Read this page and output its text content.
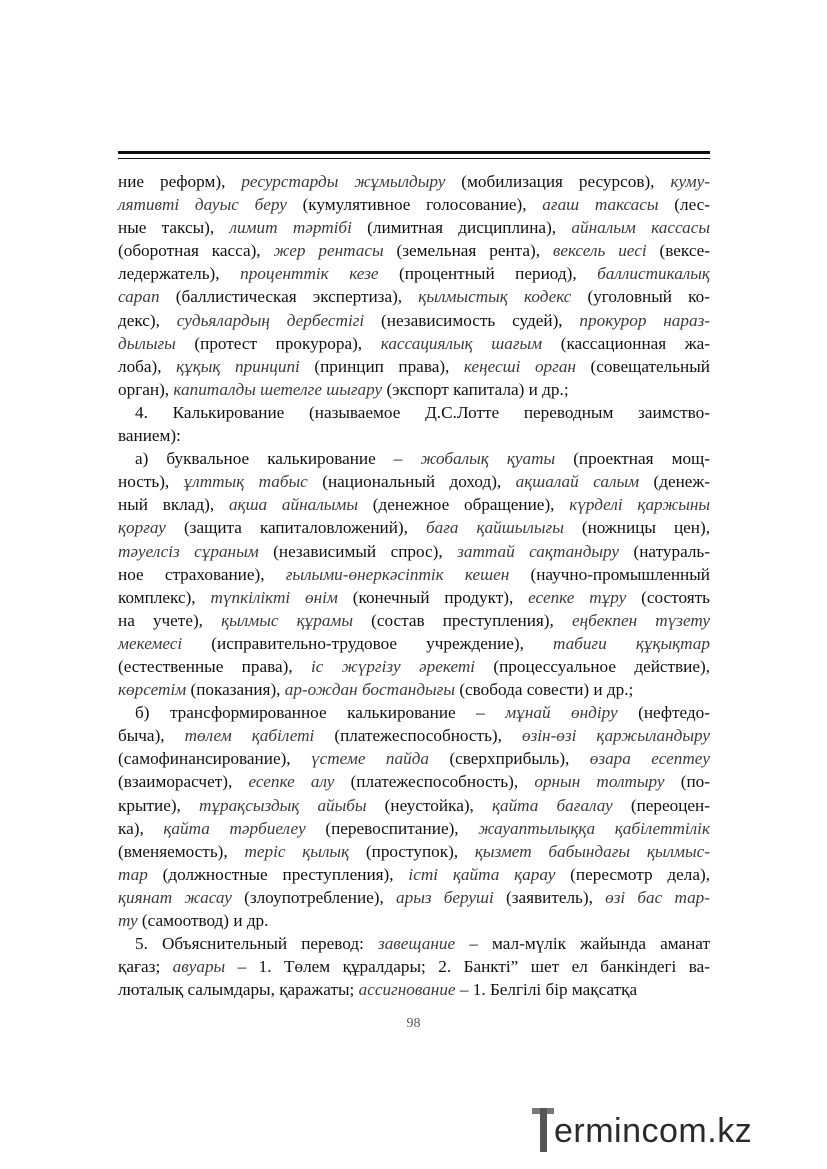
ние реформ), ресурстарды жұмылдыру (мобилизация ресурсов), куму-
лятивті дауыс беру (кумулятивное голосование), ағаш таксасы (лес-
ные таксы), лимит тәртібі (лимитная дисциплина), айналым кассасы
(оборотная касса), жер рентасы (земельная рента), вексель иесі (вексе-
ледержатель), проценттік кезе (процентный период), баллистикалық
сарап (баллистическая экспертиза), қылмыстық кодекс (уголовный ко-
декс), судьялардың дербестігі (независимость судей), прокурор нараз-
дылығы (протест прокурора), кассациялық шағым (кассационная жа-
лоба), құқық принципі (принцип права), кеңесші орган (совещательный
орган), капиталды шетелге шығару (экспорт капитала) и др.;
4. Калькирование (называемое Д.С.Лотте переводным заимство-
ванием):
а) буквальное калькирование – жобалық қуаты (проектная мощ-
ность), ұлттық табыс (национальный доход), ақшалай салым (денеж-
ный вклад), ақша айналымы (денежное обращение), күрделі қаржыны
қорғау (защита капиталовложений), баға қайшылығы (ножницы цен),
тәуелсіз сұраным (независимый спрос), заттай сақтандыру (натураль-
ное страхование), ғылыми-өнеркәсіптік кешен (научно-промышленный
комплекс), түпкілікті өнім (конечный продукт), есепке тұру (состоять
на учете), қылмыс құрамы (состав преступления), еңбекпен түзету
мекемесі (исправительно-трудовое учреждение), табиғи құқықтар
(естественные права), іс жүргізу әрекеті (процессуальное действие),
көрсетім (показания), ар-ождан бостандығы (свобода совести) и др.;
б) трансформированное калькирование – мұнай өндіру (нефтедо-
быча), төлем қабілеті (платежеспособность), өзін-өзі қаржыландыру
(самофинансирование), үстеме пайда (сверхприбыль), өзара есептеу
(взаиморасчет), есепке алу (платежеспособность), орнын толтыру (по-
крытие), тұрақсыздық айыбы (неустойка), қайта бағалау (переоцен-
ка), қайта тәрбиелеу (перевоспитание), жауаптылыққа қабілеттілік
(вменяемость), теріс қылық (проступок), қызмет бабындағы қылмыс-
тар (должностные преступления), істі қайта қарау (пересмотр дела),
қиянат жасау (злоупотребление), арыз беруші (заявитель), өзі бас тар-
ту (самоотвод) и др.
5. Объяснительный перевод: завещание – мал-мүлік жайында аманат
қағаз; авуары – 1. Төлем құралдары; 2. Банкті” шет ел банкіндегі ва-
люталық салымдары, қаражаты; ассигнование – 1. Белгілі бір мақсатқа
98
ermincom.kz
